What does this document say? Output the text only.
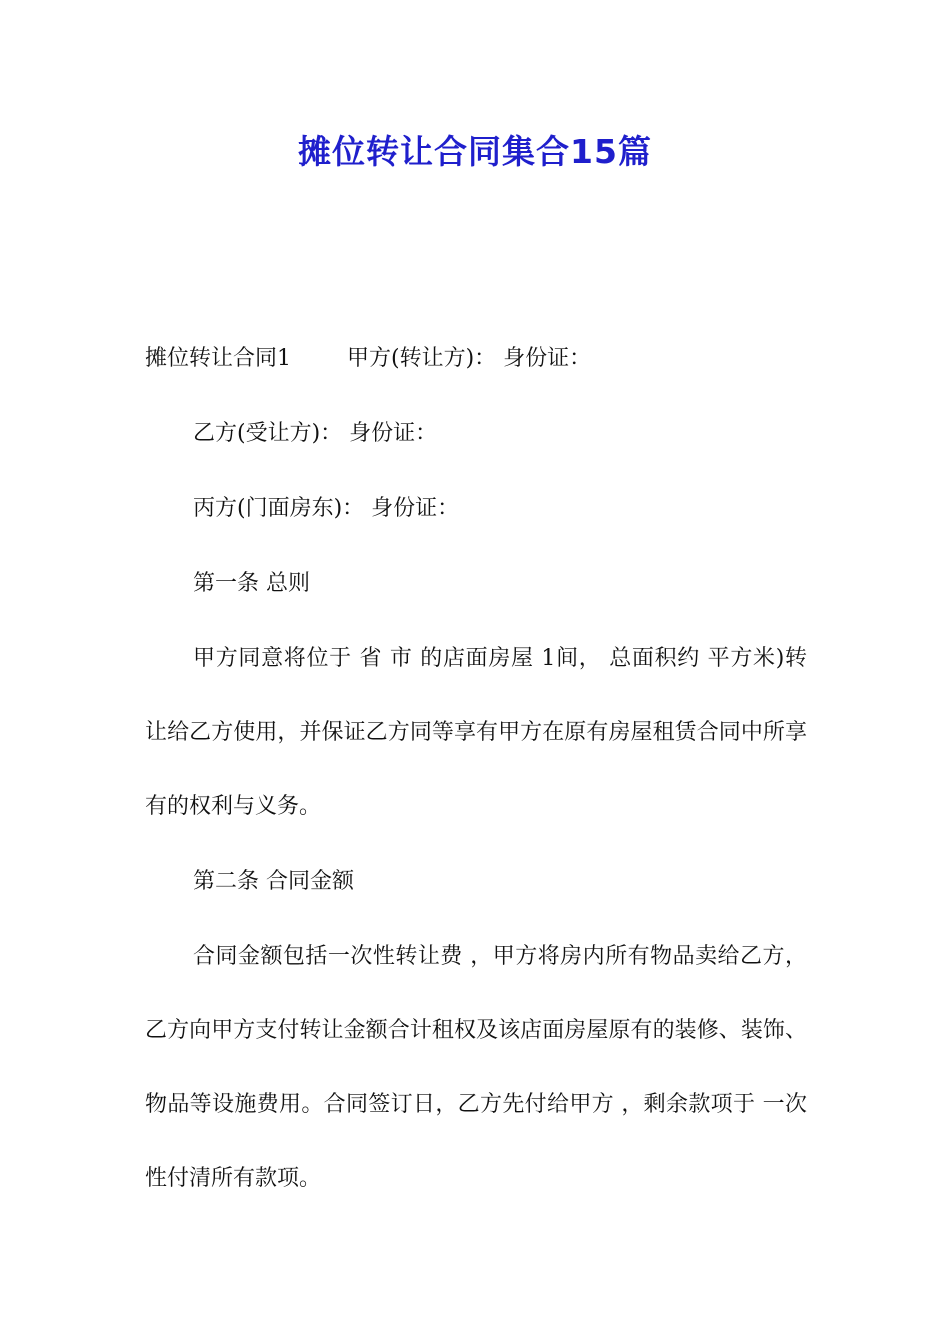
摊位转让合同集合15篇

摊位转让合同1	甲方(转让方)： 身份证：

乙方(受让方)： 身份证：

丙方(门面房东)： 身份证：

第一条 总则

甲方同意将位于 省 市 的店面房屋 1间， 总面积约 平方米)转让给乙方使用，并保证乙方同等享有甲方在原有房屋租赁合同中所享有的权利与义务。

第二条 合同金额

合同金额包括一次性转让费 ，甲方将房内所有物品卖给乙方，乙方向甲方支付转让金额合计租权及该店面房屋原有的装修、装饰、物品等设施费用。合同签订日，乙方先付给甲方 ，剩余款项于 一次性付清所有款项。
